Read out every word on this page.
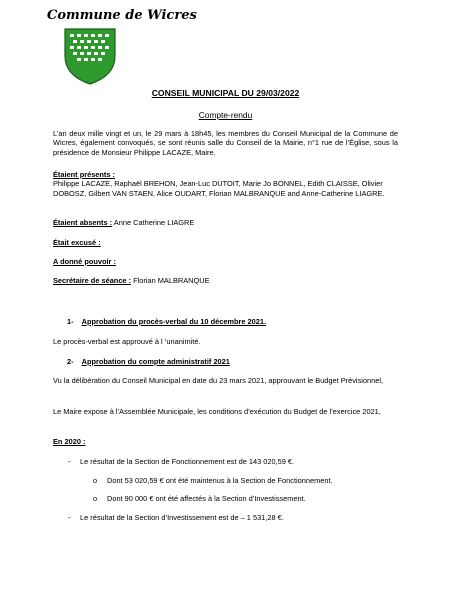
Commune de Wicres
CONSEIL MUNICIPAL DU 29/03/2022
Compte-rendu
L’an deux mille vingt et un, le 29 mars à 18h45, les membres du Conseil Municipal de la Commune de Wicres, également convoqués, se sont réunis salle du Conseil de la Mairie, n°1 rue de l’Église, sous la présidence de Monsieur Philippe LACAZE, Maire.
Étaient présents :
Philippe LACAZE, Raphaël BREHON, Jean-Luc DUTOIT, Marie Jo BONNEL, Edith CLAISSE, Olivier DOBOSZ, Gilbert VAN STAEN, Alice OUDART, Florian MALBRANQUE and Anne-Catherine LIAGRE.
Étaient absents : Anne Catherine LIAGRE
Était excusé :
A donné pouvoir :
Secrétaire de séance : Florian MALBRANQUE
1- Approbation du procès-verbal du 10 décembre 2021.
Le procès-verbal est approuvé à l ’unanimité.
2- Approbation du compte administratif 2021
Vu la délibération du Conseil Municipal en date du 23 mars 2021, approuvant le Budget Prévisionnel,
Le Maire expose à l’Assemblée Municipale, les conditions d’exécution du Budget de l’exercice 2021,
En 2020 :
- Le résultat de la Section de Fonctionnement est de 143 020,59 €.
o Dont 53 020,59 € ont été maintenus à la Section de Fonctionnement.
o Dont 90 000 € ont été affectés à la Section d’Investissement.
- Le résultat de la Section d’Investissement est de – 1 531,28 €.
